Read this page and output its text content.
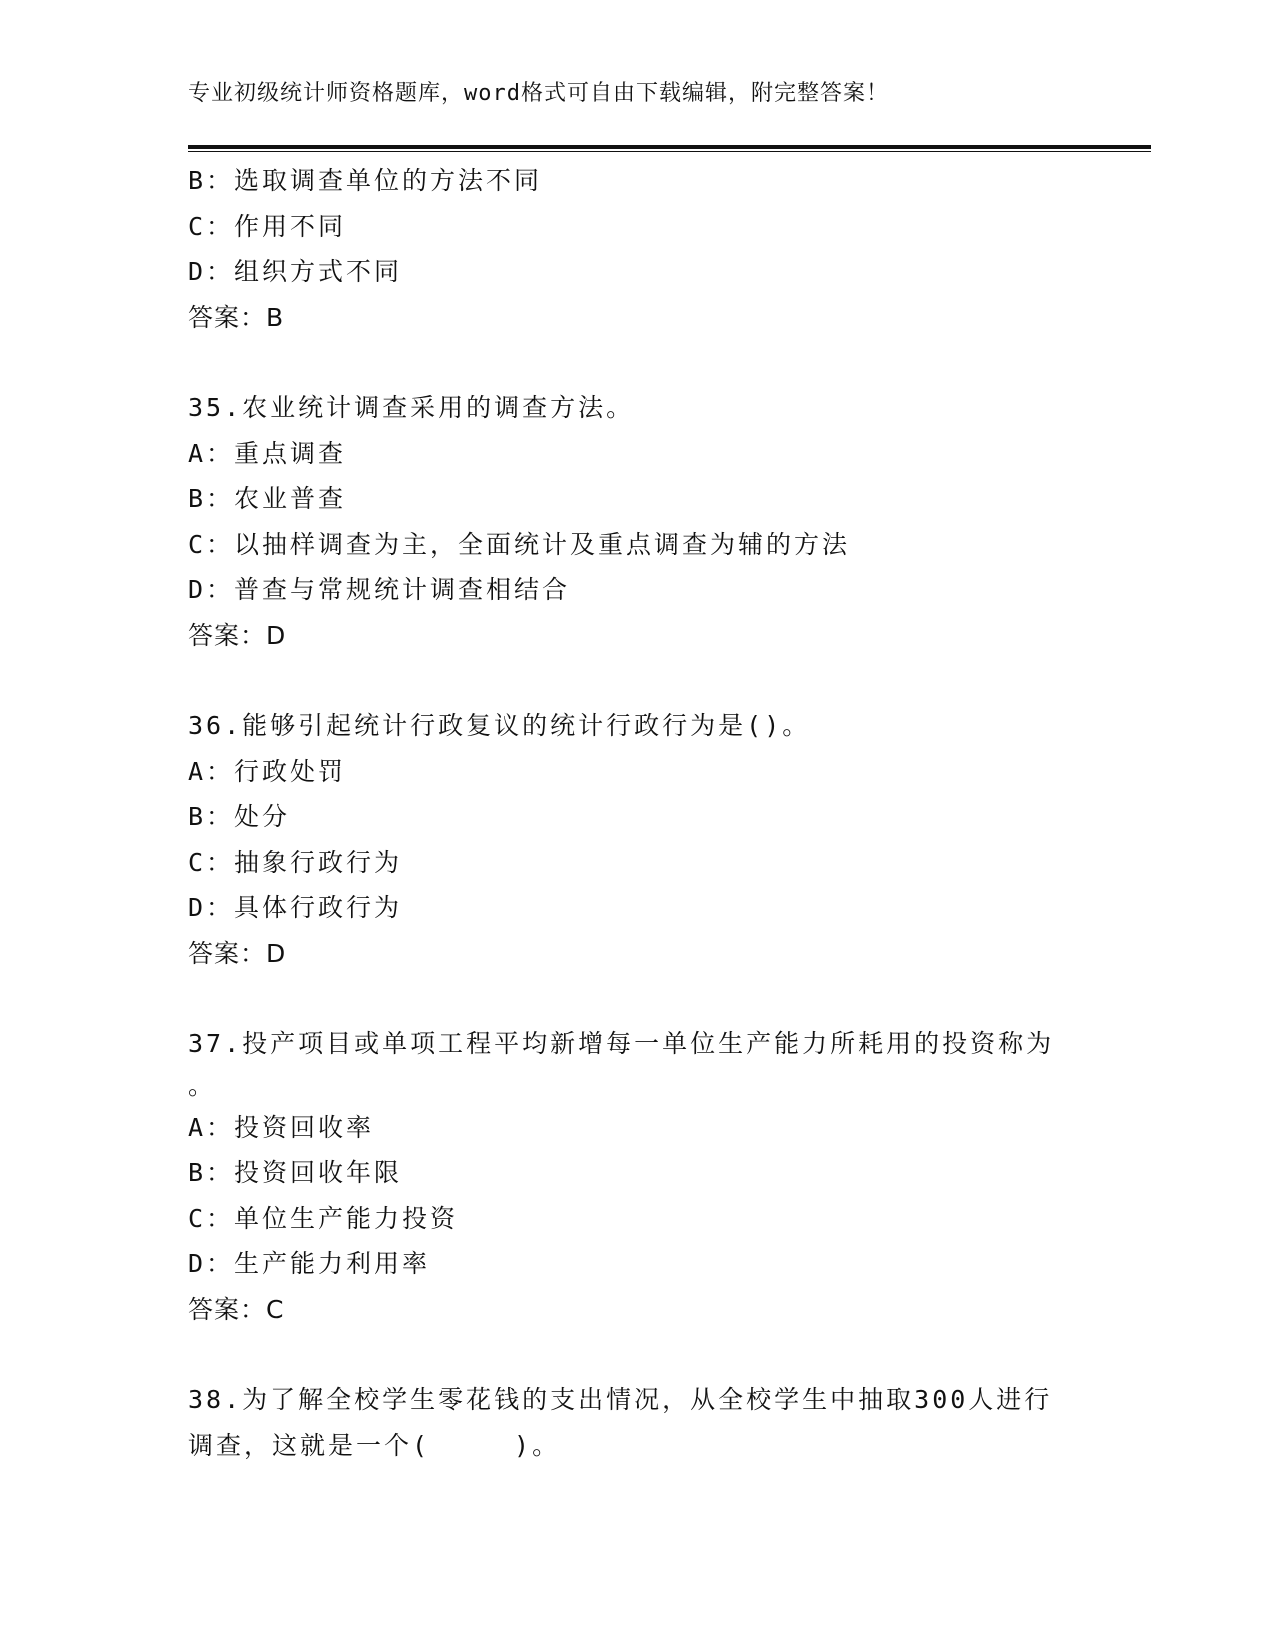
专业初级统计师资格题库，word格式可自由下载编辑，附完整答案！
B：选取调查单位的方法不同
C：作用不同
D：组织方式不同
答案：B
35.农业统计调查采用的调查方法。
A：重点调查
B：农业普查
C：以抽样调查为主，全面统计及重点调查为辅的方法
D：普查与常规统计调查相结合
答案：D
36.能够引起统计行政复议的统计行政行为是()。
A：行政处罚
B：处分
C：抽象行政行为
D：具体行政行为
答案：D
37.投产项目或单项工程平均新增每一单位生产能力所耗用的投资称为
。
A：投资回收率
B：投资回收年限
C：单位生产能力投资
D：生产能力利用率
答案：C
38.为了解全校学生零花钱的支出情况，从全校学生中抽取300人进行
调查，这就是一个(　　　)。
